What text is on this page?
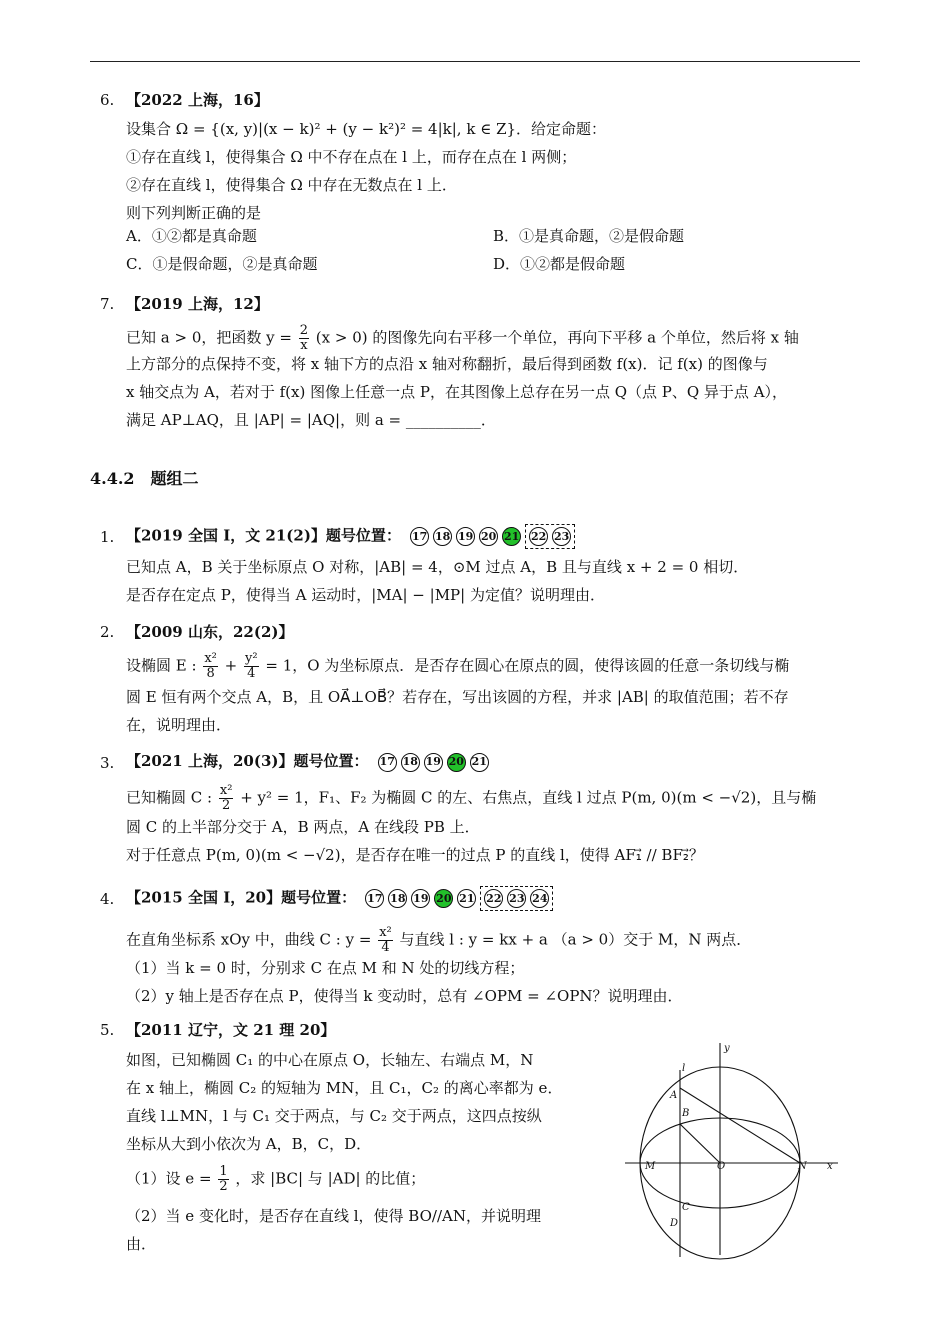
6. 【2022 上海，16】
设集合 Ω = {(x, y)|(x − k)² + (y − k²)² = 4|k|, k ∈ Z}．给定命题：
①存在直线 l，使得集合 Ω 中不存在点在 l 上，而存在点在 l 两侧；
②存在直线 l，使得集合 Ω 中存在无数点在 l 上．
则下列判断正确的是
A．①②都是真命题	B．①是真命题，②是假命题
C．①是假命题，②是真命题	D．①②都是假命题
7. 【2019 上海，12】
已知 a > 0，把函数 $y = \frac{2}{x} (x > 0)$ 的图像先向右平移一个单位，再向下平移 a 个单位，然后将 x 轴
上方部分的点保持不变，将 x 轴下方的点沿 x 轴对称翻折，最后得到函数 f(x)．记 f(x) 的图像与
x 轴交点为 A，若对于 f(x) 图像上任意一点 P，在其图像上总存在另一点 Q（点 P、Q 异于点 A），
满足 AP⊥AQ，且 |AP| = |AQ|，则 a = __________．
4.4.2　题组二
1. 【2019 全国 Ⅰ，文 21(2)】题号位置： 17 18 19 20 21 22 23
已知点 A，B 关于坐标原点 O 对称，|AB| = 4，⊙M 过点 A，B 且与直线 x + 2 = 0 相切．
是否存在定点 P，使得当 A 运动时，|MA| − |MP| 为定值？说明理由．
2. 【2009 山东，22(2)】
设椭圆 E : $\frac{\text{x²}}{8} + \frac{\text{y²}}{4} = 1$，O 为坐标原点．是否存在圆心在原点的圆，使得该圆的任意一条切线与椭
圆 E 恒有两个交点 A，B，且 OA⃗⊥OB⃗？若存在，写出该圆的方程，并求 |AB| 的取值范围；若不存
在，说明理由．
3. 【2021 上海，20(3)】题号位置： 17 18 19 20 21
已知椭圆 C : $\frac{\text{x²}}{2} + y^2 = 1$，F₁、F₂ 为椭圆 C 的左、右焦点，直线 l 过点 P(m, 0)(m < −√2)，且与椭
圆 C 的上半部分交于 A，B 两点，A 在线段 PB 上．
对于任意点 P(m, 0)(m < −√2)，是否存在唯一的过点 P 的直线 l，使得 AF₁⃗ // BF₂⃗？
4. 【2015 全国 Ⅰ，20】题号位置： 17 18 19 20 21 22 23 24
在直角坐标系 xOy 中，曲线 C : $y = \frac{\text{x²}}{4}$ 与直线 l : y = kx + a （a > 0）交于 M，N 两点．
（1）当 k = 0 时，分别求 C 在点 M 和 N 处的切线方程；
（2）y 轴上是否存在点 P，使得当 k 变动时，总有 ∠OPM = ∠OPN？说明理由．
5. 【2011 辽宁，文 21 理 20】
如图，已知椭圆 C₁ 的中心在原点 O，长轴左、右端点 M，N
在 x 轴上，椭圆 C₂ 的短轴为 MN，且 C₁，C₂ 的离心率都为 e．
直线 l⊥MN，l 与 C₁ 交于两点，与 C₂ 交于两点，这四点按纵
坐标从大到小依次为 A，B，C，D．
（1）设 $e = \frac{1}{2}$ ，求 |BC| 与 |AD| 的比值；
（2）当 e 变化时，是否存在直线 l，使得 BO//AN，并说明理
由．
y
l
A
B
M	O	N x
C
D
